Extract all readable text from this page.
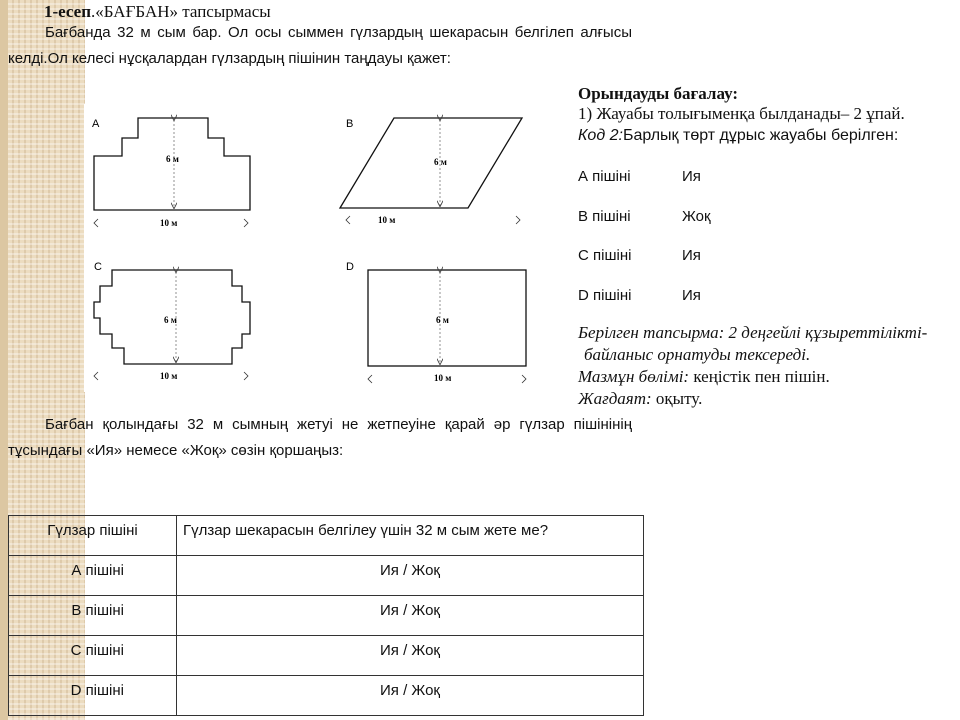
1-есеп.«БАҒБАН» тапсырмасы
Бағбанда 32 м сым бар. Ол осы сыммен гүлзардың шекарасын белгілеп алғысы келді.Ол келесі нұсқалардан гүлзардың пішінин таңдауы қажет:
A
6 м
10 м
B
6 м
10 м
C
6 м
10 м
D
6 м
10 м
Орындауды бағалау:
1) Жауабы толығыменқа былданады– 2 ұпай.
Код 2:Барлық төрт дұрыс жауабы берілген:
А пішіні	Ия
В пішіні	Жоқ
С пішіні	Ия
D пішіні	Ия
Берілген тапсырма: 2 деңгейлі құзыреттілікті-
байланыс орнатуды тексереді.
Мазмұн бөлімі: кеңістік пен пішін.
Жағдаят: оқыту.
Бағбан қолындағы 32 м сымның жетуі не жетпеуіне қарай әр гүлзар пішінінің тұсындағы «Ия» немесе «Жоқ» сөзін қоршаңыз:
Гүлзар пішіні	Гүлзар шекарасын белгілеу үшін 32 м сым жете ме?
А пішіні	Ия / Жоқ
В пішіні	Ия / Жоқ
С пішіні	Ия / Жоқ
D пішіні	Ия / Жоқ
